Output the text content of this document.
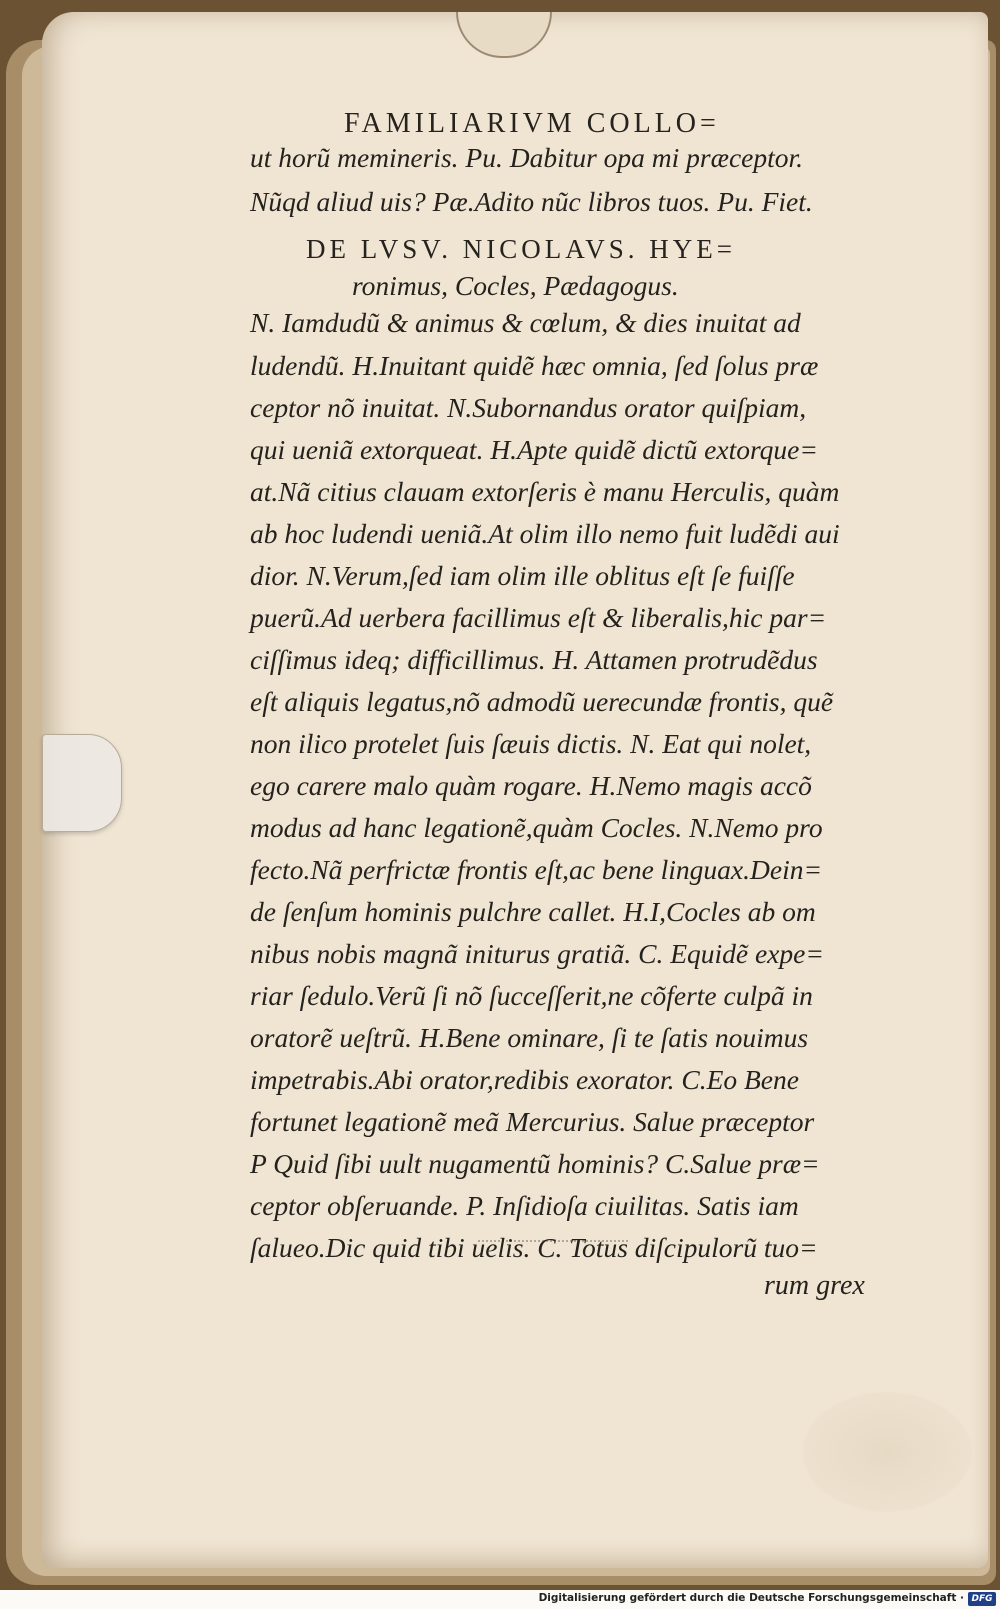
FAMILIARIVM COLLO=
ut horũ memineris. Pu. Dabitur opa mi præceptor.
Nũqd aliud uis? Pæ.Adito nũc libros tuos. Pu. Fiet.
DE LVSV. NICOLAVS. HYE=
ronimus, Cocles, Pædagogus.
N. Iamdudũ & animus & cœlum, & dies inuitat ad
ludendũ. H.Inuitant quidẽ hæc omnia, ſed ſolus præ
ceptor nõ inuitat. N.Subornandus orator quiſpiam,
qui ueniã extorqueat. H.Apte quidẽ dictũ extorque=
at.Nã citius clauam extorſeris è manu Herculis, quàm
ab hoc ludendi ueniã.At olim illo nemo fuit ludẽdi aui
dior. N.Verum,ſed iam olim ille oblitus eſt ſe fuiſſe
puerũ.Ad uerbera facillimus eſt & liberalis,hic par=
ciſſimus ideq; difficillimus. H. Attamen protrudẽdus
eſt aliquis legatus,nõ admodũ uerecundæ frontis, quẽ
non ilico protelet ſuis ſæuis dictis. N. Eat qui nolet,
ego carere malo quàm rogare. H.Nemo magis accõ
modus ad hanc legationẽ,quàm Cocles. N.Nemo pro
fecto.Nã perfrictæ frontis eſt,ac bene linguax.Dein=
de ſenſum hominis pulchre callet. H.I,Cocles ab om
nibus nobis magnã initurus gratiã. C. Equidẽ expe=
riar ſedulo.Verũ ſi nõ ſucceſſerit,ne cõferte culpã in
oratorẽ ueſtrũ. H.Bene ominare, ſi te ſatis nouimus
impetrabis.Abi orator,redibis exorator. C.Eo Bene
fortunet legationẽ meã Mercurius. Salue præceptor
P Quid ſibi uult nugamentũ hominis? C.Salue præ=
ceptor obſeruande. P. Inſidioſa ciuilitas. Satis iam
ſalueo.Dic quid tibi uelis. C. Totus diſcipulorũ tuo=
rum grex
Digitalisierung gefördert durch die Deutsche Forschungsgemeinschaft · DFG
